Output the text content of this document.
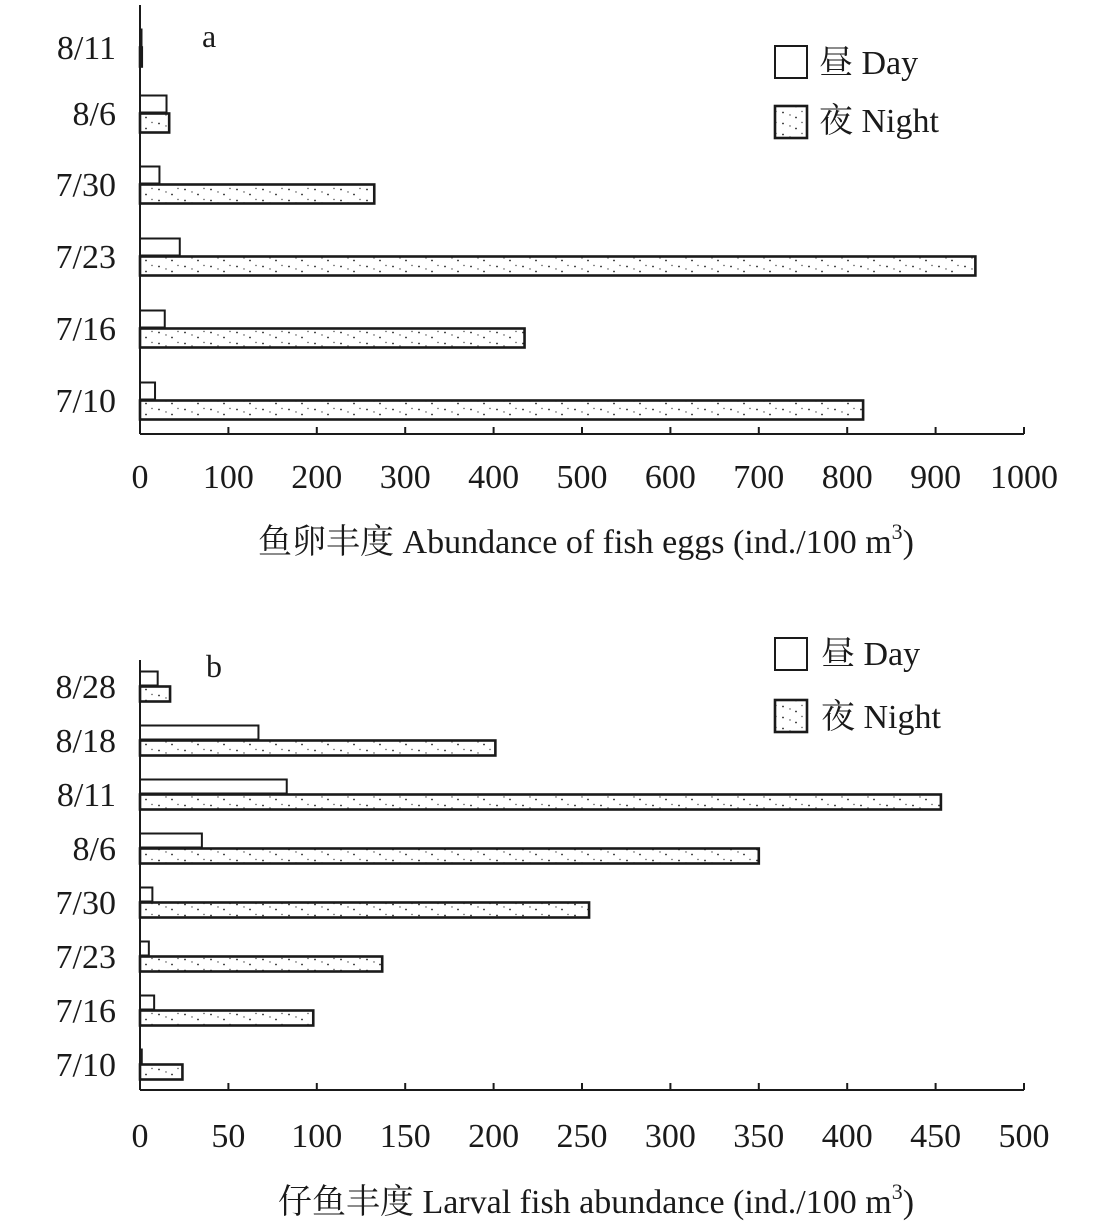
0 100 200 300 400 500 600 700 800 900 1000
8/11
8/6
7/30
7/23
7/16
7/10
a
鱼卵丰度 Abundance of fish eggs (ind./100 $m^3$)
昼 Day
夜 Night
0 50 100 150 200 250 300 350 400 450 500
8/28
8/18
8/11
8/6
7/30
7/23
7/16
7/10
b
仔鱼丰度 Larval fish abundance (ind./100 $m^3$)
昼 Day
夜 Night
